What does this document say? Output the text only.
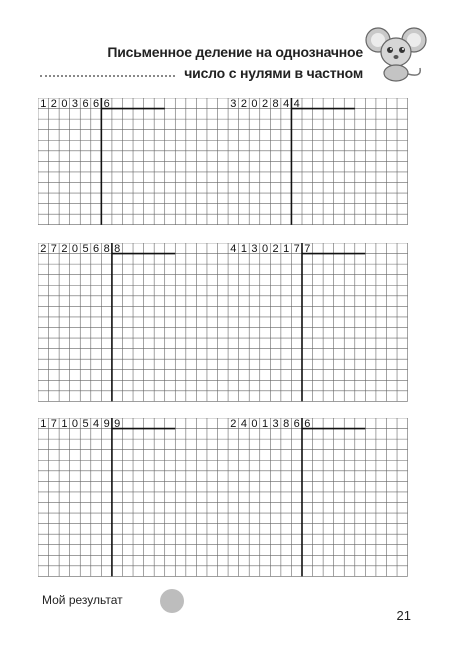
Письменное деление на однозначное
число с нулями в частном
1 2 0 3 6 6 6	3 2 0 2 8 4 4
2 7 2 0 5 6 8 8	4 1 3 0 2 1 7 7
1 7 1 0 5 4 9 9	2 4 0 1 3 8 6 6
Мой результат
21
